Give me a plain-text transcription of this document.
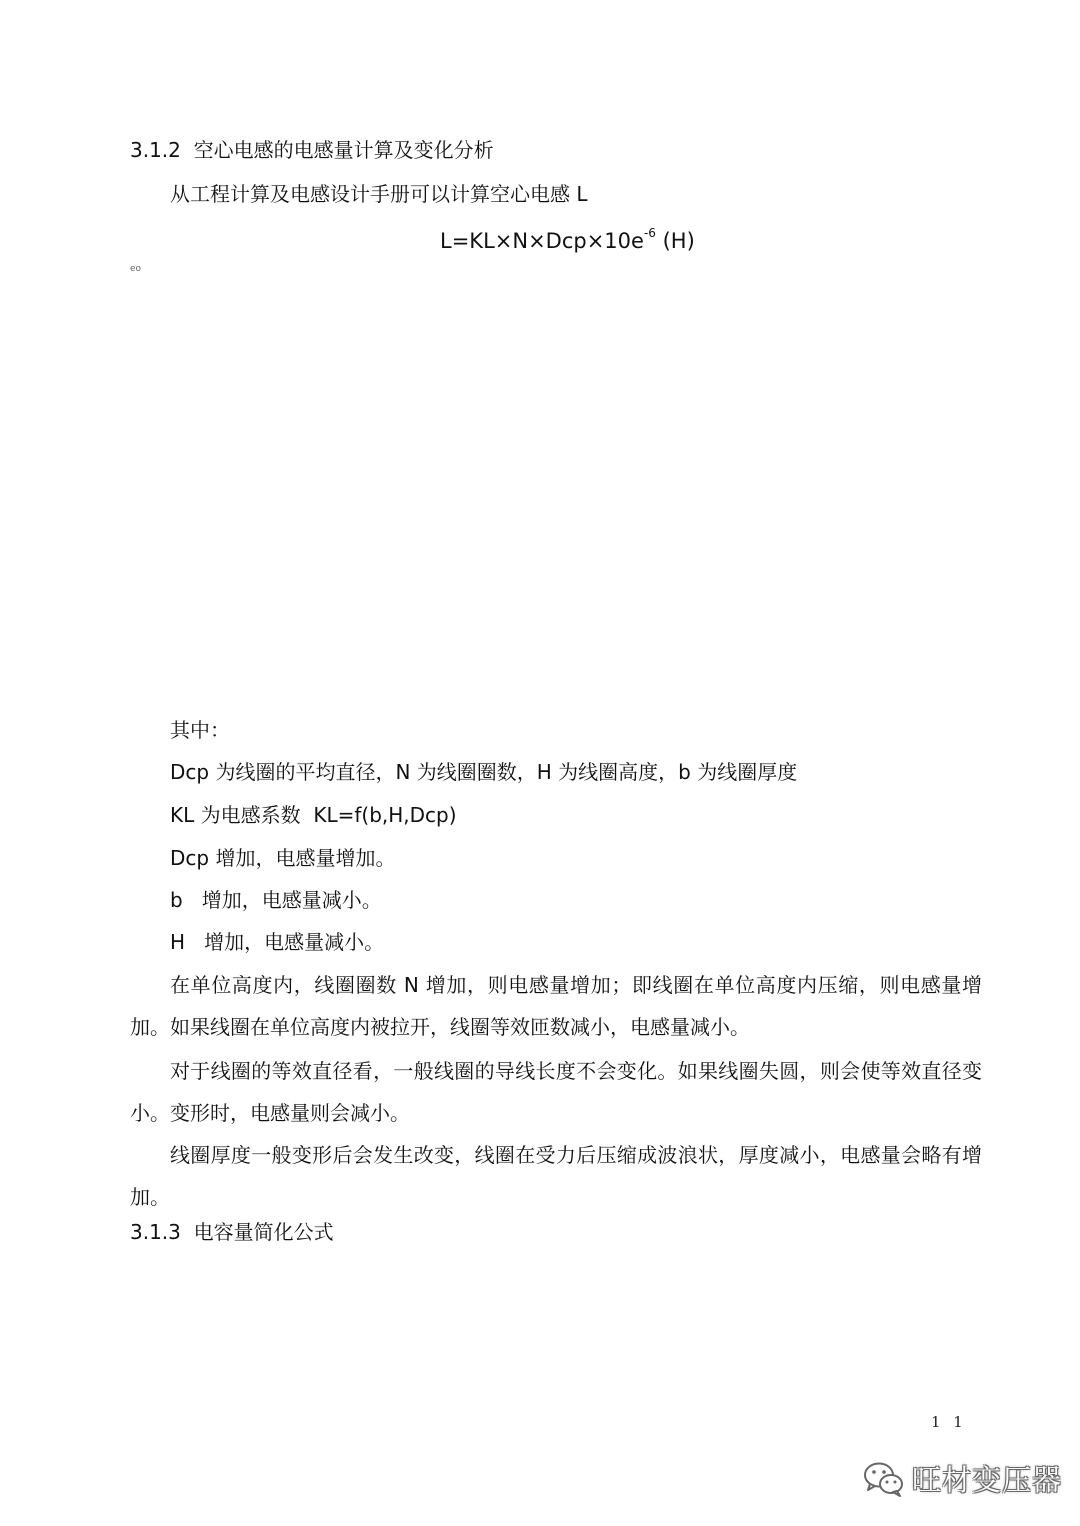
3.1.2 空心电感的电感量计算及变化分析
从工程计算及电感设计手册可以计算空心电感 L
$L=KL\times N\times Dcp\times 10e^{-6}$ (H)
eo
其中：
Dcp 为线圈的平均直径，N 为线圈圈数，H 为线圈高度，b 为线圈厚度
KL 为电感系数  KL=f(b,H,Dcp)
Dcp 增加，电感量增加。
b   增加，电感量减小。
H   增加，电感量减小。
在单位高度内，线圈圈数 N 增加，则电感量增加；即线圈在单位高度内压缩，则电感量增加。如果线圈在单位高度内被拉开，线圈等效匝数减小，电感量减小。
对于线圈的等效直径看，一般线圈的导线长度不会变化。如果线圈失圆，则会使等效直径变小。变形时，电感量则会减小。
线圈厚度一般变形后会发生改变，线圈在受力后压缩成波浪状，厚度减小，电感量会略有增加。
3.1.3 电容量简化公式
1 1
旺材变压器
